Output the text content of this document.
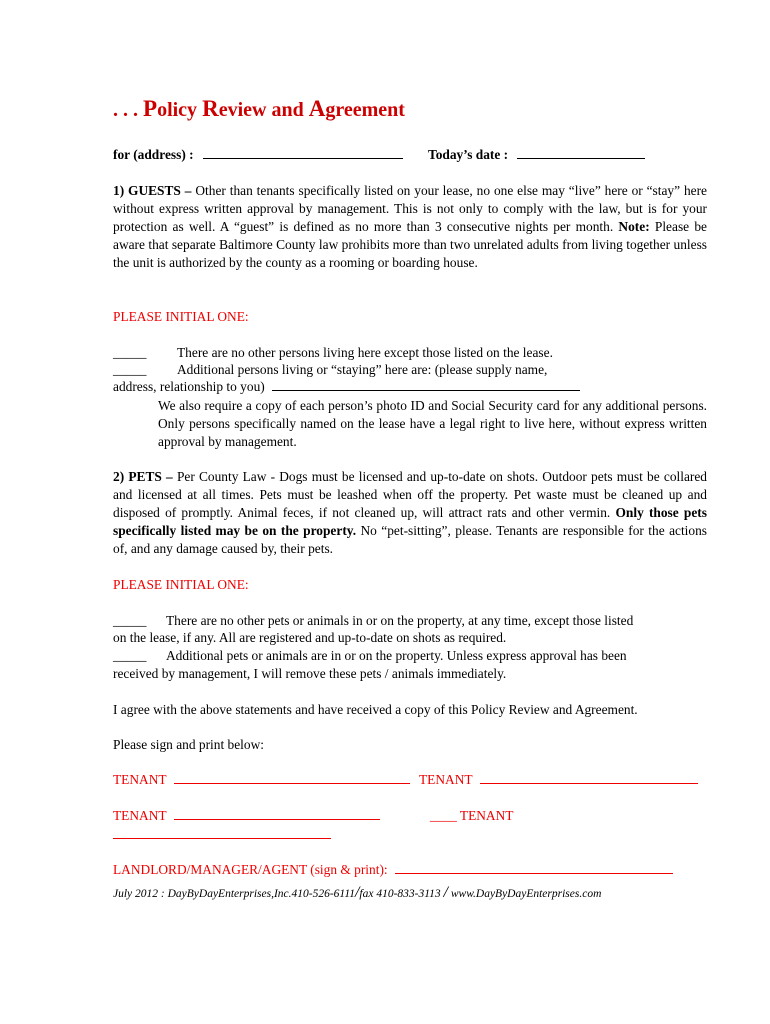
. . . Policy Review and Agreement
for (address) :	Today’s date :
1) GUESTS – Other than tenants specifically listed on your lease, no one else may “live” here or “stay” here without express written approval by management. This is not only to comply with the law, but is for your protection as well. A “guest” is defined as no more than 3 consecutive nights per month. Note: Please be aware that separate Baltimore County law prohibits more than two unrelated adults from living together unless the unit is authorized by the county as a rooming or boarding house.
PLEASE INITIAL ONE:
_____ There are no other persons living here except those listed on the lease.
_____ Additional persons living or “staying” here are: (please supply name,
address, relationship to you)
We also require a copy of each person’s photo ID and Social Security card for any additional persons. Only persons specifically named on the lease have a legal right to live here, without express written approval by management.
2) PETS – Per County Law - Dogs must be licensed and up-to-date on shots. Outdoor pets must be collared and licensed at all times. Pets must be leashed when off the property. Pet waste must be cleaned up and disposed of promptly. Animal feces, if not cleaned up, will attract rats and other vermin. Only those pets specifically listed may be on the property. No “pet-sitting”, please. Tenants are responsible for the actions of, and any damage caused by, their pets.
PLEASE INITIAL ONE:
_____ There are no other pets or animals in or on the property, at any time, except those listed
on the lease, if any. All are registered and up-to-date on shots as required.
_____ Additional pets or animals are in or on the property. Unless express approval has been
received by management, I will remove these pets / animals immediately.
I agree with the above statements and have received a copy of this Policy Review and Agreement.
Please sign and print below:
TENANT	TENANT
TENANT	____ TENANT
LANDLORD/MANAGER/AGENT (sign & print):
July 2012 : DayByDayEnterprises,Inc.410-526-6111/fax 410-833-3113 / www.DayByDayEnterprises.com
